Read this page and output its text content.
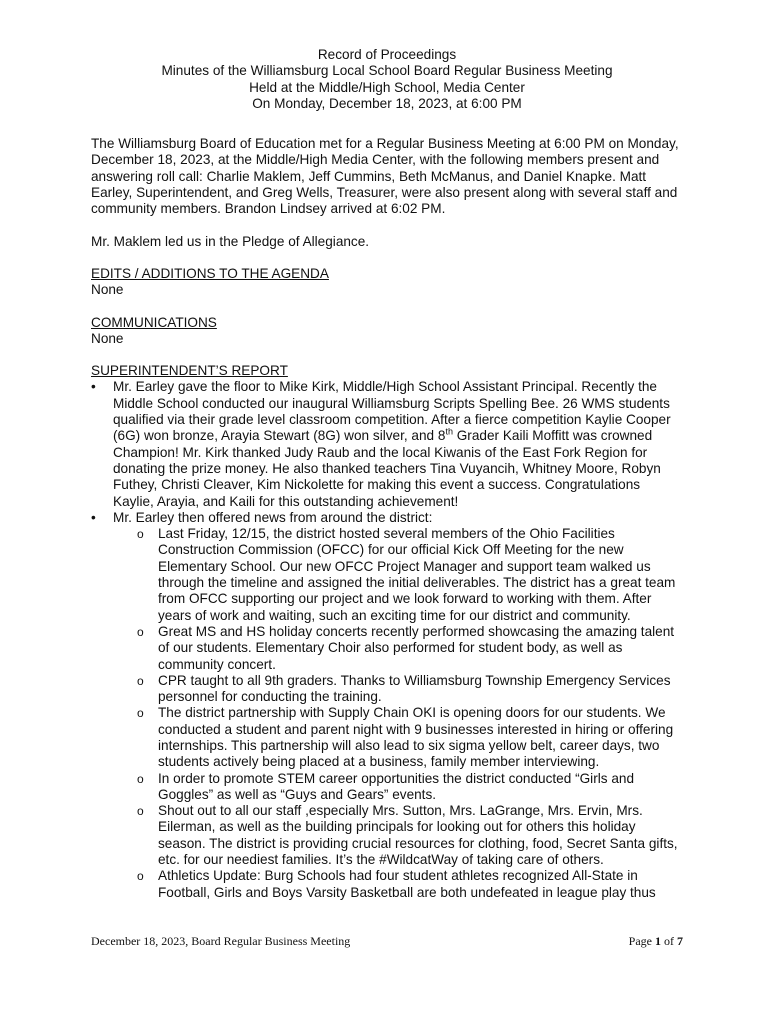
Record of Proceedings
Minutes of the Williamsburg Local School Board Regular Business Meeting
Held at the Middle/High School, Media Center
On Monday, December 18, 2023, at 6:00 PM

The Williamsburg Board of Education met for a Regular Business Meeting at 6:00 PM on Monday, December 18, 2023, at the Middle/High Media Center, with the following members present and answering roll call: Charlie Maklem, Jeff Cummins, Beth McManus, and Daniel Knapke. Matt Earley, Superintendent, and Greg Wells, Treasurer, were also present along with several staff and community members. Brandon Lindsey arrived at 6:02 PM.

Mr. Maklem led us in the Pledge of Allegiance.

EDITS / ADDITIONS TO THE AGENDA
None
COMMUNICATIONS
None
SUPERINTENDENT’S REPORT
• Mr. Earley gave the floor to Mike Kirk, Middle/High School Assistant Principal. Recently the Middle School conducted our inaugural Williamsburg Scripts Spelling Bee. 26 WMS students qualified via their grade level classroom competition. After a fierce competition Kaylie Cooper (6G) won bronze, Arayia Stewart (8G) won silver, and 8th Grader Kaili Moffitt was crowned Champion! Mr. Kirk thanked Judy Raub and the local Kiwanis of the East Fork Region for donating the prize money. He also thanked teachers Tina Vuyancih, Whitney Moore, Robyn Futhey, Christi Cleaver, Kim Nickolette for making this event a success. Congratulations Kaylie, Arayia, and Kaili for this outstanding achievement!
• Mr. Earley then offered news from around the district:
o Last Friday, 12/15, the district hosted several members of the Ohio Facilities Construction Commission (OFCC) for our official Kick Off Meeting for the new Elementary School. Our new OFCC Project Manager and support team walked us through the timeline and assigned the initial deliverables. The district has a great team from OFCC supporting our project and we look forward to working with them. After years of work and waiting, such an exciting time for our district and community.
o Great MS and HS holiday concerts recently performed showcasing the amazing talent of our students. Elementary Choir also performed for student body, as well as community concert.
o CPR taught to all 9th graders. Thanks to Williamsburg Township Emergency Services personnel for conducting the training.
o The district partnership with Supply Chain OKI is opening doors for our students. We conducted a student and parent night with 9 businesses interested in hiring or offering internships. This partnership will also lead to six sigma yellow belt, career days, two students actively being placed at a business, family member interviewing.
o In order to promote STEM career opportunities the district conducted “Girls and Goggles” as well as “Guys and Gears” events.
o Shout out to all our staff ,especially Mrs. Sutton, Mrs. LaGrange, Mrs. Ervin, Mrs. Eilerman, as well as the building principals for looking out for others this holiday season. The district is providing crucial resources for clothing, food, Secret Santa gifts, etc. for our neediest families. It’s the #WildcatWay of taking care of others.
o Athletics Update: Burg Schools had four student athletes recognized All-State in Football, Girls and Boys Varsity Basketball are both undefeated in league play thus
December 18, 2023, Board Regular Business Meeting	Page 1 of 7
